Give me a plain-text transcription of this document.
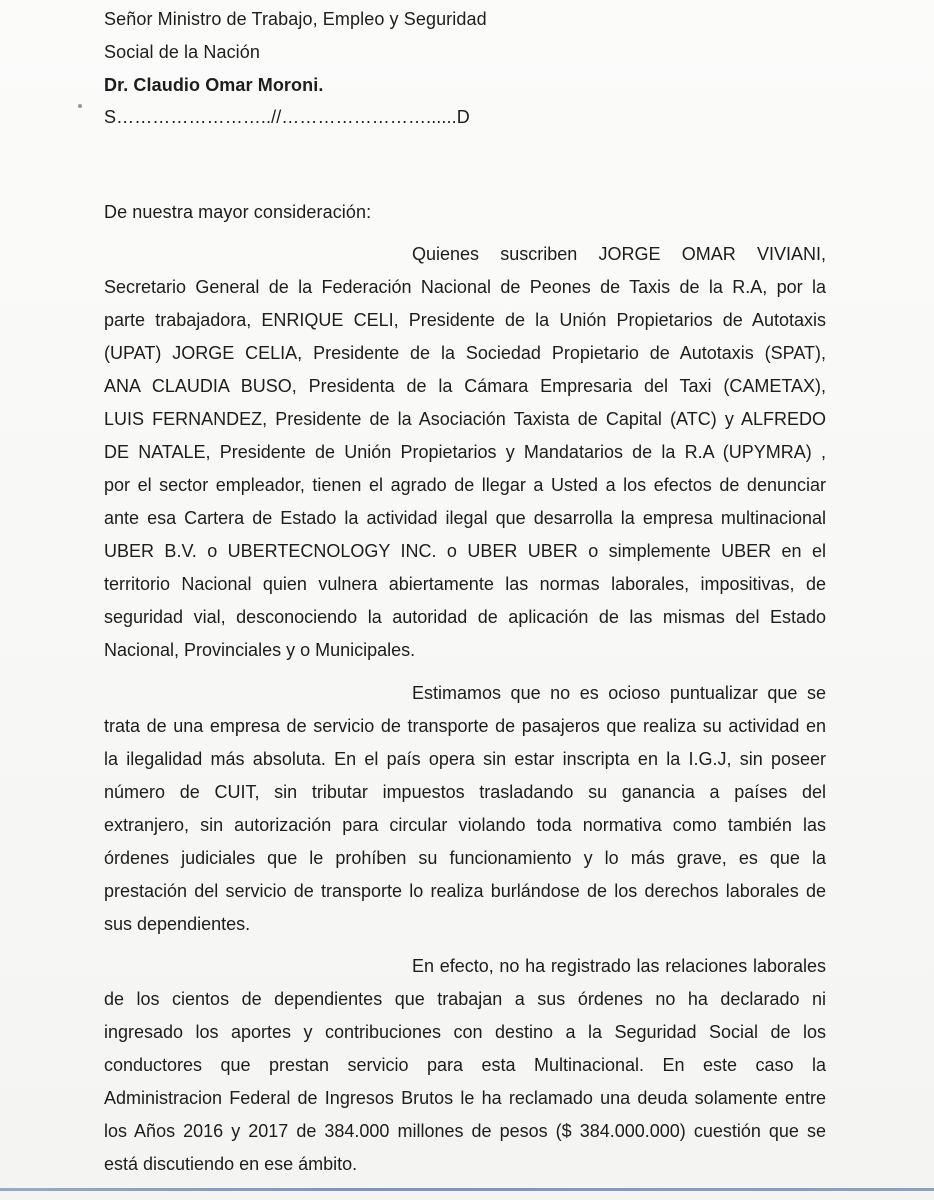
Señor Ministro de Trabajo, Empleo y Seguridad
Social de la Nación
Dr. Claudio Omar Moroni.
S……………………..//……………………......D
De nuestra mayor consideración:
Quienes suscriben JORGE OMAR VIVIANI,
Secretario General de la Federación Nacional de Peones de Taxis de la R.A, por la
parte trabajadora, ENRIQUE CELI, Presidente de la Unión Propietarios de Autotaxis
(UPAT) JORGE CELIA, Presidente de la Sociedad Propietario de Autotaxis (SPAT),
ANA CLAUDIA BUSO, Presidenta de la Cámara Empresaria del Taxi (CAMETAX),
LUIS FERNANDEZ, Presidente de la Asociación Taxista de Capital (ATC) y ALFREDO
DE NATALE, Presidente de Unión Propietarios y Mandatarios de la R.A (UPYMRA) ,
por el sector empleador, tienen el agrado de llegar a Usted a los efectos de denunciar
ante esa Cartera de Estado la actividad ilegal que desarrolla la empresa multinacional
UBER B.V. o UBERTECNOLOGY INC. o UBER UBER o simplemente UBER en el
territorio Nacional quien vulnera abiertamente las normas laborales, impositivas, de
seguridad vial, desconociendo la autoridad de aplicación de las mismas del Estado
Nacional, Provinciales y o Municipales.
Estimamos que no es ocioso puntualizar que se
trata de una empresa de servicio de transporte de pasajeros que realiza su actividad en
la ilegalidad más absoluta. En el país opera sin estar inscripta en la I.G.J, sin poseer
número de CUIT, sin tributar impuestos trasladando su ganancia a países del
extranjero, sin autorización para circular violando toda normativa como también las
órdenes judiciales que le prohíben su funcionamiento y lo más grave, es que la
prestación del servicio de transporte lo realiza burlándose de los derechos laborales de
sus dependientes.
En efecto, no ha registrado las relaciones laborales
de los cientos de dependientes que trabajan a sus órdenes no ha declarado ni
ingresado los aportes y contribuciones con destino a la Seguridad Social de los
conductores que prestan servicio para esta Multinacional. En este caso la
Administracion Federal de Ingresos Brutos le ha reclamado una deuda solamente entre
los Años 2016 y 2017 de 384.000 millones de pesos ($ 384.000.000) cuestión que se
está discutiendo en ese ámbito.
